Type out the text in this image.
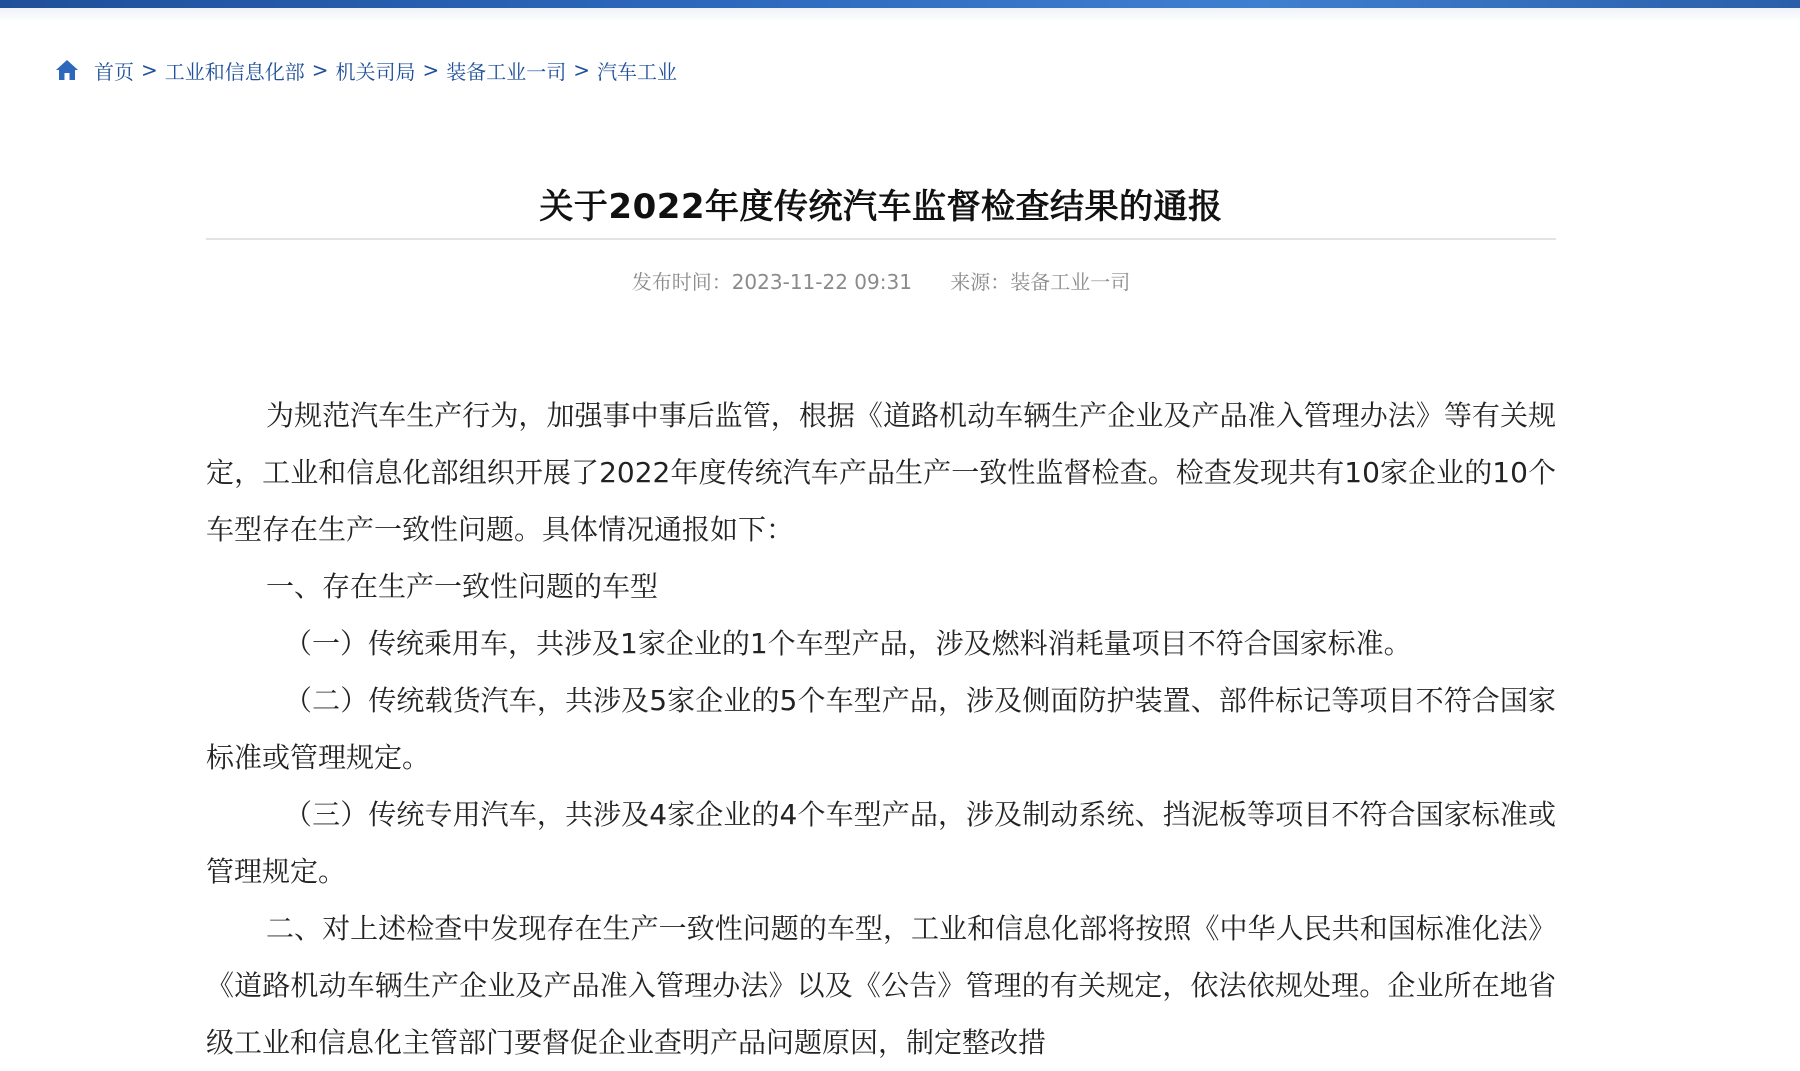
首页 > 工业和信息化部 > 机关司局 > 装备工业一司 > 汽车工业
关于2022年度传统汽车监督检查结果的通报
发布时间：2023-11-22 09:31 来源：装备工业一司

为规范汽车生产行为，加强事中事后监管，根据《道路机动车辆生产企业及产品准入管理办法》等有关规定，工业和信息化部组织开展了2022年度传统汽车产品生产一致性监督检查。检查发现共有10家企业的10个车型存在生产一致性问题。具体情况通报如下：

一、存在生产一致性问题的车型

（一）传统乘用车，共涉及1家企业的1个车型产品，涉及燃料消耗量项目不符合国家标准。

（二）传统载货汽车，共涉及5家企业的5个车型产品，涉及侧面防护装置、部件标记等项目不符合国家标准或管理规定。

（三）传统专用汽车，共涉及4家企业的4个车型产品，涉及制动系统、挡泥板等项目不符合国家标准或管理规定。

二、对上述检查中发现存在生产一致性问题的车型，工业和信息化部将按照《中华人民共和国标准化法》《道路机动车辆生产企业及产品准入管理办法》以及《公告》管理的有关规定，依法依规处理。企业所在地省级工业和信息化主管部门要督促企业查明产品问题原因，制定整改措
